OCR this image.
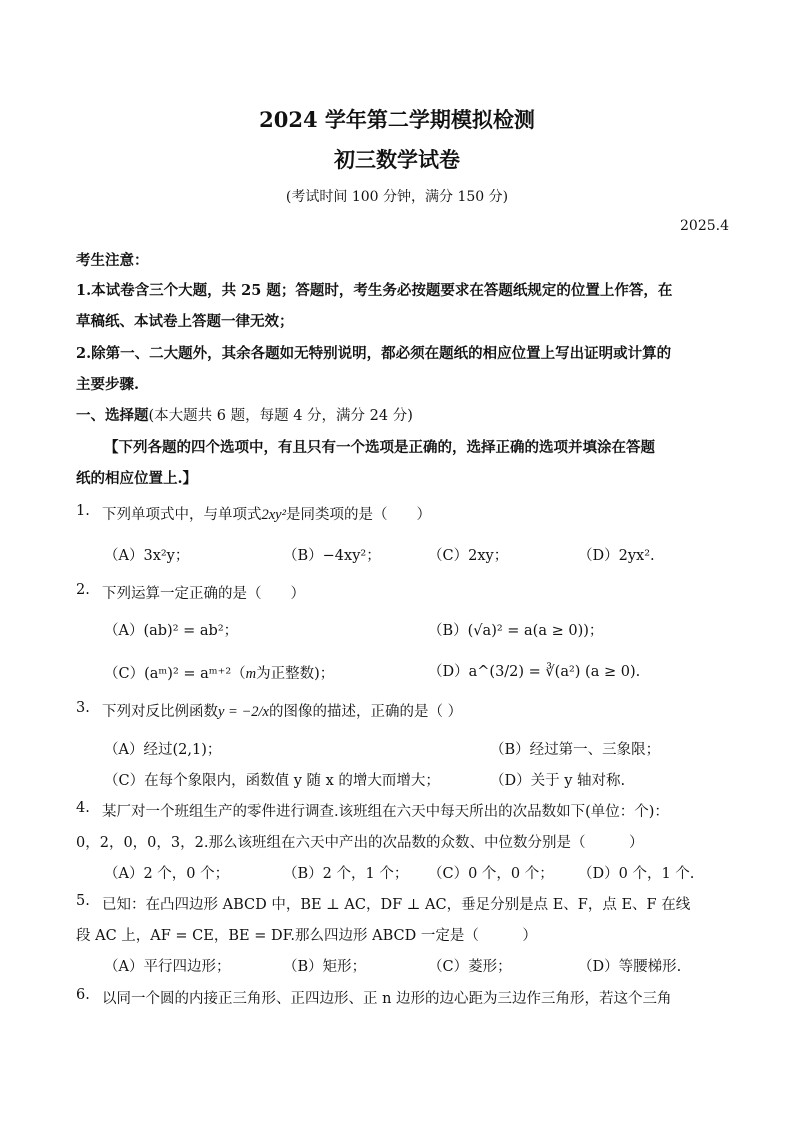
2024 学年第二学期模拟检测
初三数学试卷
(考试时间 100 分钟，满分 150 分)
2025.4
考生注意：
1.本试卷含三个大题，共 25 题；答题时，考生务必按题要求在答题纸规定的位置上作答，在
草稿纸、本试卷上答题一律无效；
2.除第一、二大题外，其余各题如无特别说明，都必须在题纸的相应位置上写出证明或计算的
主要步骤.
一、选择题(本大题共 6 题，每题 4 分，满分 24 分)
【下列各题的四个选项中，有且只有一个选项是正确的，选择正确的选项并填涂在答题
纸的相应位置上.】
1. 下列单项式中，与单项式2xy²是同类项的是（　　）
（A）3x²y；	（B）−4xy²；	（C）2xy；	（D）2yx².
2. 下列运算一定正确的是（　　）
（A）(ab)² = ab²；	（B）(√a)² = a(a ≥ 0))；
（C）(aᵐ)² = aᵐ⁺²（m为正整数)；	（D）a^(3/2) = ∛(a²) (a ≥ 0).
3. 下列对反比例函数y = −2/x的图像的描述，正确的是（ ）
（A）经过(2,1)；	（B）经过第一、三象限；
（C）在每个象限内，函数值 y 随 x 的增大而增大；	（D）关于 y 轴对称.
4. 某厂对一个班组生产的零件进行调查.该班组在六天中每天所出的次品数如下(单位：个)：
0，2，0，0，3，2.那么该班组在六天中产出的次品数的众数、中位数分别是（　　　）
（A）2 个，0 个；	（B）2 个，1 个； （C）0 个，0 个； （D）0 个，1 个.
5. 已知：在凸四边形 ABCD 中，BE ⊥ AC，DF ⊥ AC，垂足分别是点 E、F，点 E、F 在线
段 AC 上，AF = CE，BE = DF.那么四边形 ABCD 一定是（　　　）
（A）平行四边形；	（B）矩形；	（C）菱形；	（D）等腰梯形.
6. 以同一个圆的内接正三角形、正四边形、正 n 边形的边心距为三边作三角形，若这个三角
